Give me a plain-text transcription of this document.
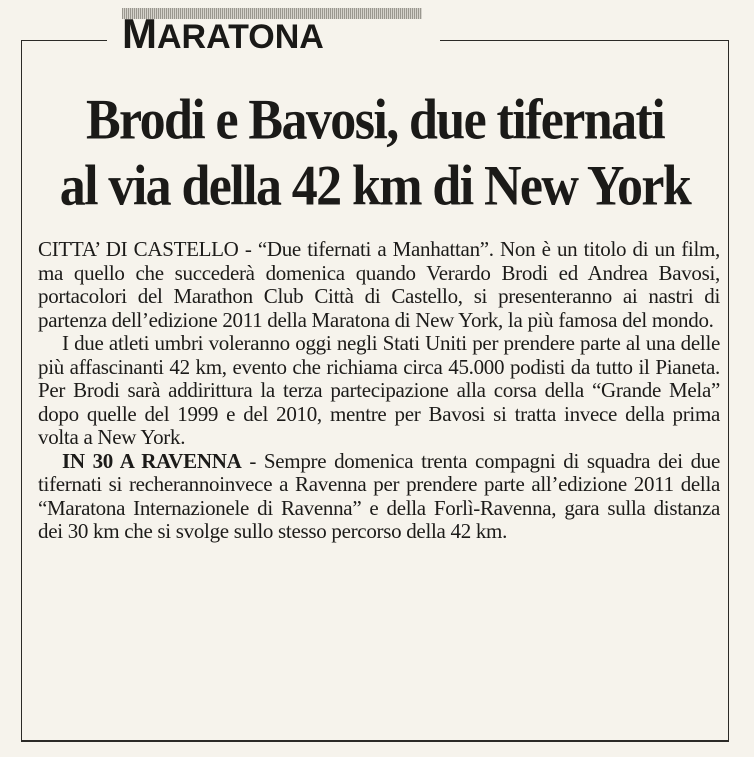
MARATONA
Brodi e Bavosi, due tifernati
al via della 42 km di New York

CITTA’ DI CASTELLO - “Due tifernati a Manhattan”. Non è un titolo di un film, ma quello che succederà domenica quando Verardo Brodi ed Andrea Bavosi, portacolori del Marathon Club Città di Castello, si presenteranno ai nastri di partenza dell’edizione 2011 della Maratona di New York, la più famosa del mondo.

I due atleti umbri voleranno oggi negli Stati Uniti per prendere parte al una delle più affascinanti 42 km, evento che richiama circa 45.000 podisti da tutto il Pianeta. Per Brodi sarà addirittura la terza partecipazione alla corsa della “Grande Mela” dopo quelle del 1999 e del 2010, mentre per Bavosi si tratta invece della prima volta a New York.

IN 30 A RAVENNA - Sempre domenica trenta compagni di squadra dei due tifernati si recherannoinvece a Ravenna per prendere parte all’edizione 2011 della “Maratona Internazionele di Ravenna” e della Forlì-Ravenna, gara sulla distanza dei 30 km che si svolge sullo stesso percorso della 42 km.
